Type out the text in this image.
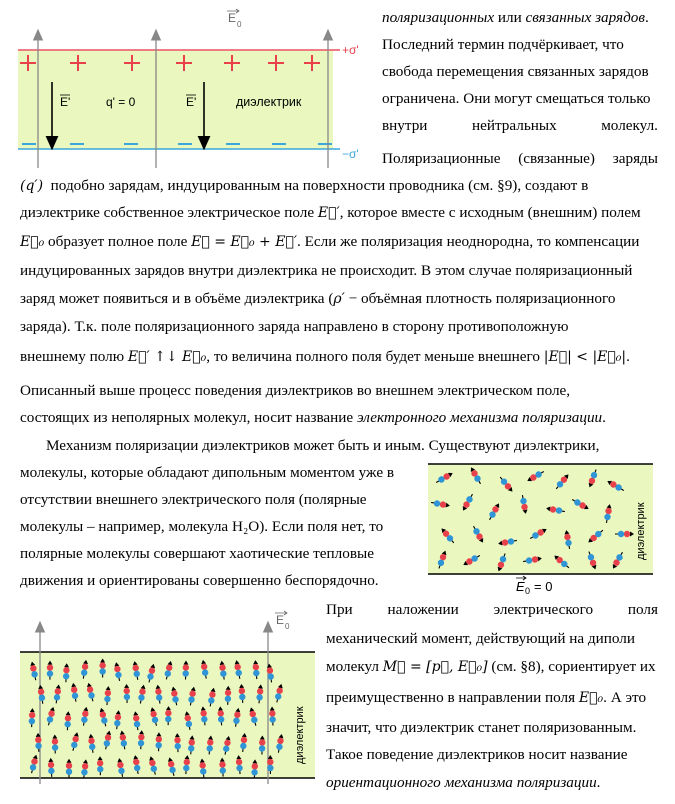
E 0
+σ'
−σ'
E'	q' = 0	E'	диэлектрик
поляризационных или связанных зарядов.
Последний термин подчёркивает, что
свобода перемещения связанных зарядов
ограничена. Они могут смещаться только
внутри	нейтральных	молекул.
Поляризационные (связанные) заряды
(q′) подобно зарядам, индуцированным на поверхности проводника (см. §9), создают в
диэлектрике собственное электрическое поле E⃗′, которое вместе с исходным (внешним) полем
E⃗₀ образует полное поле E⃗ = E⃗₀ + E⃗′. Если же поляризация неоднородна, то компенсации
индуцированных зарядов внутри диэлектрика не происходит. В этом случае поляризационный
заряд может появиться и в объёме диэлектрика (ρ′ − объёмная плотность поляризационного
заряда). Т.к. поле поляризационного заряда направлено в сторону противоположную
внешнему полю E⃗′ ↑↓ E⃗₀, то величина полного поля будет меньше внешнего |E⃗| < |E⃗₀|.
Описанный выше процесс поведения диэлектриков во внешнем электрическом поле,
состоящих из неполярных молекул, носит название электронного механизма поляризации.
Механизм поляризации диэлектриков может быть и иным. Существуют диэлектрики,
молекулы, которые обладают дипольным моментом уже в
отсутствии внешнего электрического поля (полярные
молекулы – например, молекула H₂O). Если поля нет, то
полярные молекулы совершают хаотические тепловые
движения и ориентированы совершенно беспорядочно.
диэлектрик
E 0 = 0
E 0
диэлектрик
При наложении электрического поля
механический момент, действующий на диполи
молекул M⃗ = [p⃗, E⃗₀] (см. §8), сориентирует их
преимущественно в направлении поля E⃗₀. А это
значит, что диэлектрик станет поляризованным.
Такое поведение диэлектриков носит название
ориентационного механизма поляризации.
